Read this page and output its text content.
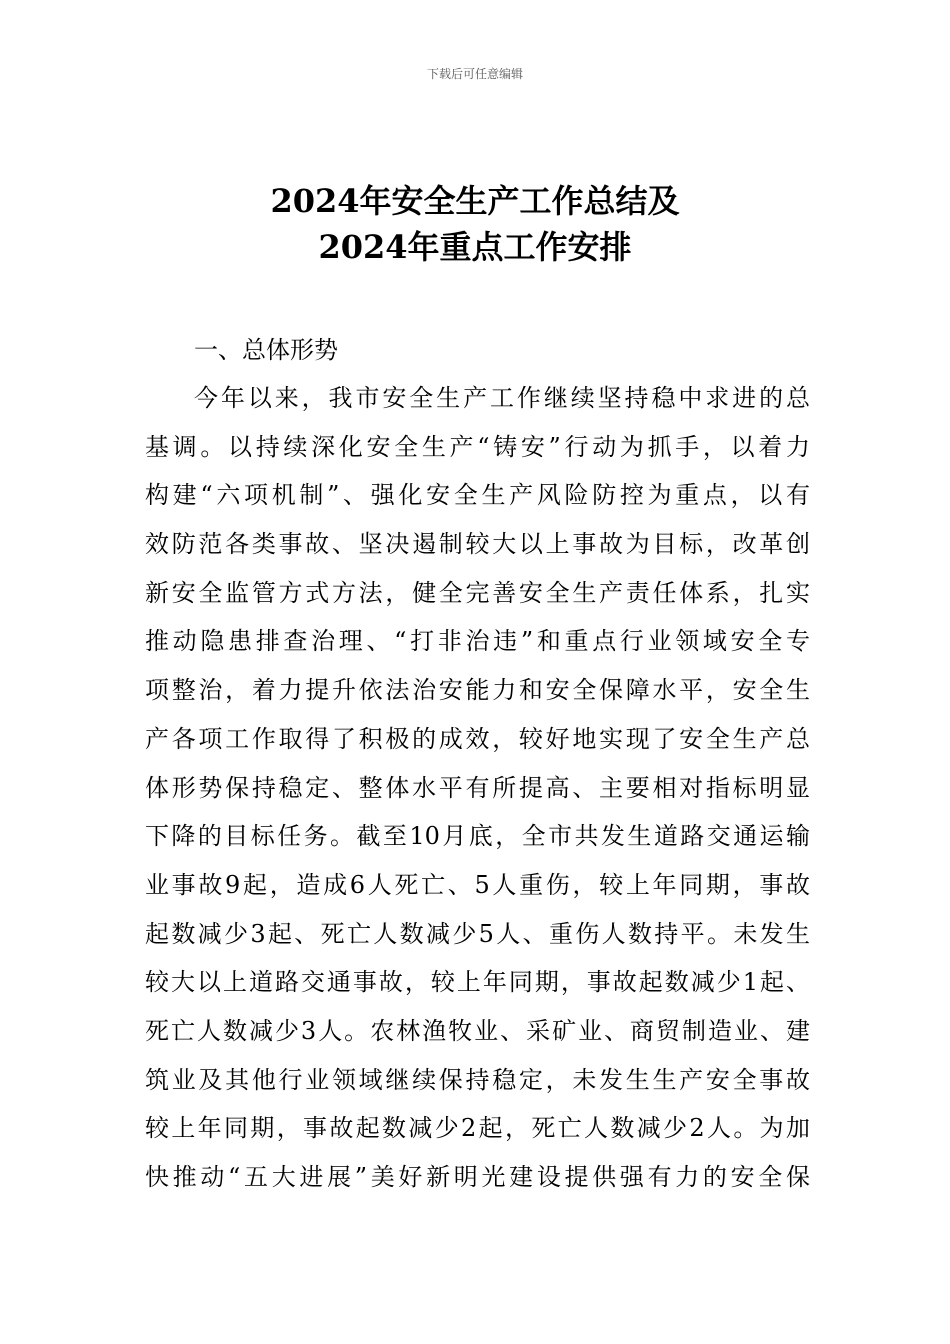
下载后可任意编辑
2024年安全生产工作总结及
2024年重点工作安排
一、总体形势
今年以来，我市安全生产工作继续坚持稳中求进的总
基调。以持续深化安全生产“铸安”行动为抓手，以着力
构建“六项机制”、强化安全生产风险防控为重点，以有
效防范各类事故、坚决遏制较大以上事故为目标，改革创
新安全监管方式方法，健全完善安全生产责任体系，扎实
推动隐患排查治理、“打非治违”和重点行业领域安全专
项整治，着力提升依法治安能力和安全保障水平，安全生
产各项工作取得了积极的成效，较好地实现了安全生产总
体形势保持稳定、整体水平有所提高、主要相对指标明显
下降的目标任务。截至10月底，全市共发生道路交通运输
业事故9起，造成6人死亡、5人重伤，较上年同期，事故
起数减少3起、死亡人数减少5人、重伤人数持平。未发生
较大以上道路交通事故，较上年同期，事故起数减少1起、
死亡人数减少3人。农林渔牧业、采矿业、商贸制造业、建
筑业及其他行业领域继续保持稳定，未发生生产安全事故
较上年同期，事故起数减少2起，死亡人数减少2人。为加
快推动“五大进展”美好新明光建设提供强有力的安全保
